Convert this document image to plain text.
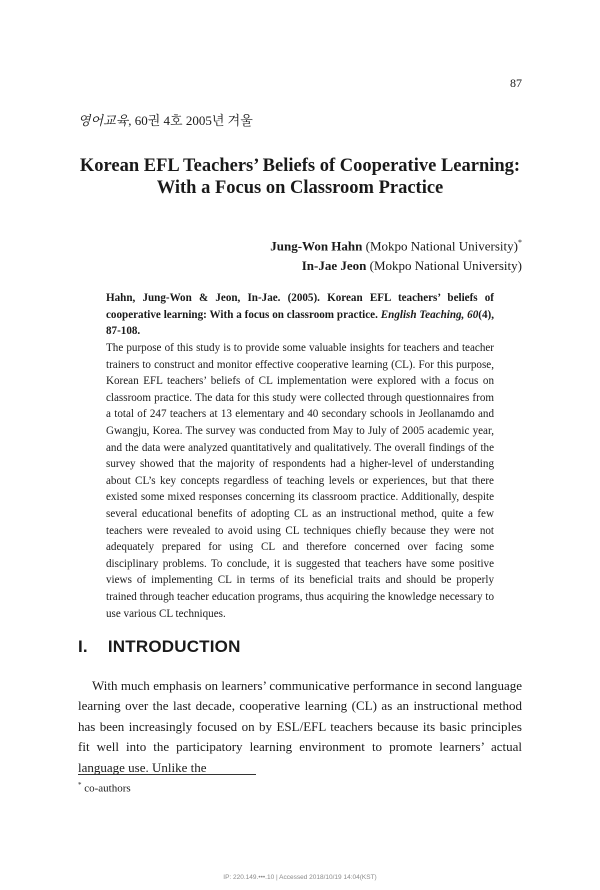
87
영어교육, 60권 4호 2005년 겨울
Korean EFL Teachers’ Beliefs of Cooperative Learning:
With a Focus on Classroom Practice
Jung-Won Hahn (Mokpo National University)*
In-Jae Jeon (Mokpo National University)
Hahn, Jung-Won & Jeon, In-Jae. (2005). Korean EFL teachers’ beliefs of cooperative learning: With a focus on classroom practice. English Teaching, 60(4), 87-108.
The purpose of this study is to provide some valuable insights for teachers and teacher trainers to construct and monitor effective cooperative learning (CL). For this purpose, Korean EFL teachers’ beliefs of CL implementation were explored with a focus on classroom practice. The data for this study were collected through questionnaires from a total of 247 teachers at 13 elementary and 40 secondary schools in Jeollanamdo and Gwangju, Korea. The survey was conducted from May to July of 2005 academic year, and the data were analyzed quantitatively and qualitatively. The overall findings of the survey showed that the majority of respondents had a higher-level of understanding about CL’s key concepts regardless of teaching levels or experiences, but that there existed some mixed responses concerning its classroom practice. Additionally, despite several educational benefits of adopting CL as an instructional method, quite a few teachers were revealed to avoid using CL techniques chiefly because they were not adequately prepared for using CL and therefore concerned over facing some disciplinary problems. To conclude, it is suggested that teachers have some positive views of implementing CL in terms of its beneficial traits and should be properly trained through teacher education programs, thus acquiring the knowledge necessary to use various CL techniques.
I. INTRODUCTION
With much emphasis on learners’ communicative performance in second language learning over the last decade, cooperative learning (CL) as an instructional method has been increasingly focused on by ESL/EFL teachers because its basic principles fit well into the participatory learning environment to promote learners’ actual language use. Unlike the
* co-authors
IP: 220.149.•••.10 | Accessed 2018/10/19 14:04(KST)
